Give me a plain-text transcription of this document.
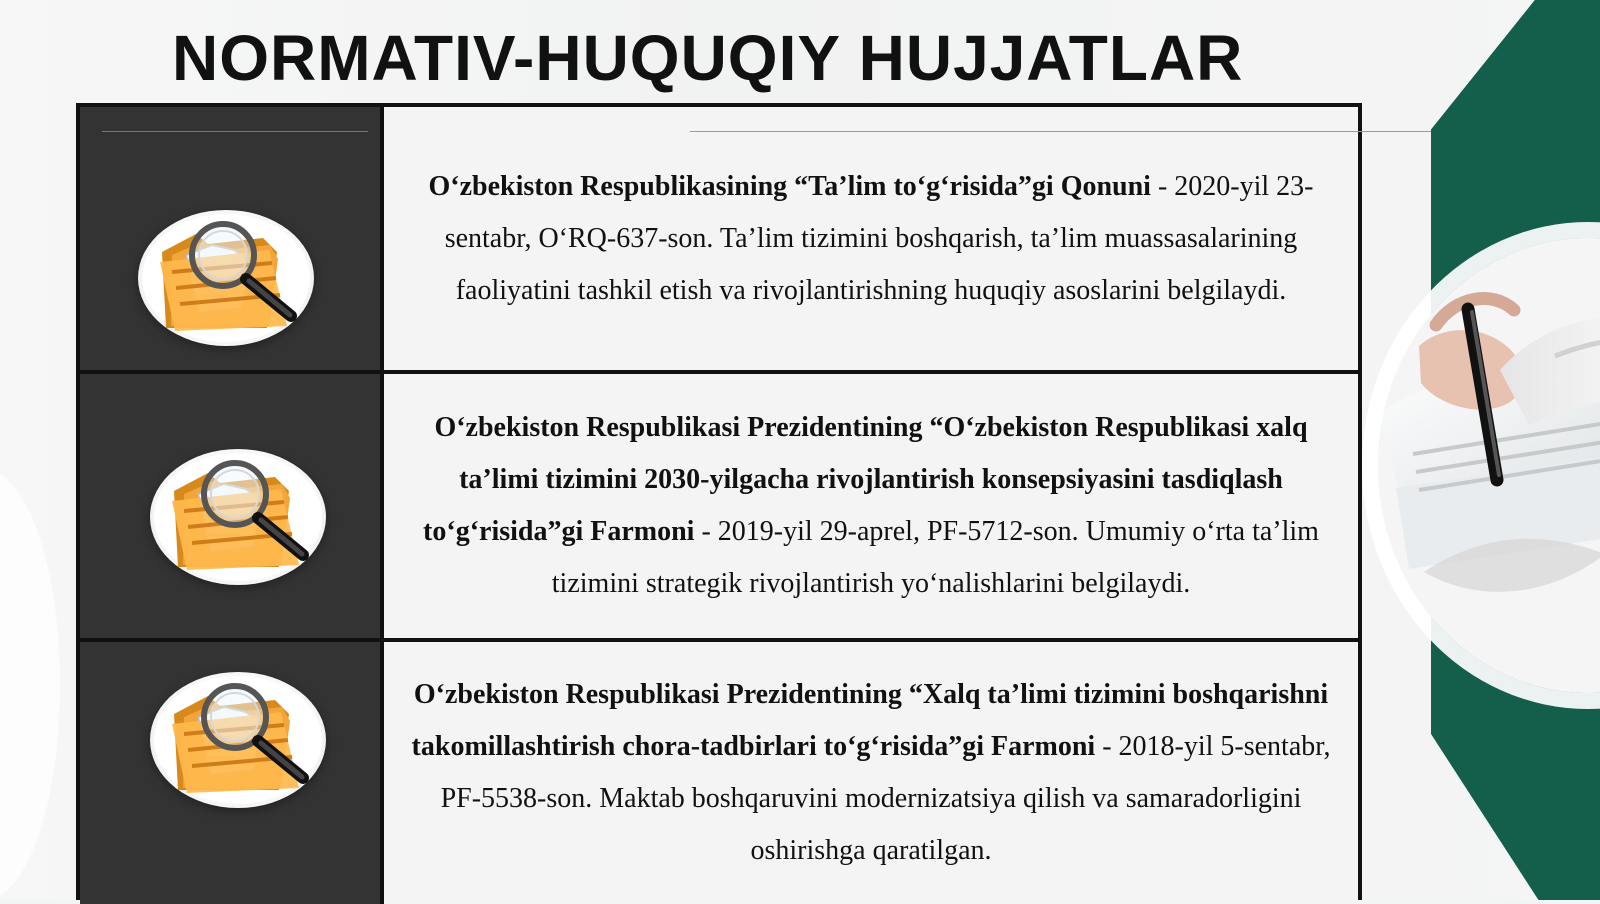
NORMATIV-HUQUQIY HUJJATLAR
O‘zbekiston Respublikasining “Ta’lim to‘g‘risida”gi Qonuni - 2020-yil 23-sentabr, O‘RQ-637-son. Ta’lim tizimini boshqarish, ta’lim muassasalarining faoliyatini tashkil etish va rivojlantirishning huquqiy asoslarini belgilaydi.
O‘zbekiston Respublikasi Prezidentining “O‘zbekiston Respublikasi xalq ta’limi tizimini 2030-yilgacha rivojlantirish konsepsiyasini tasdiqlash to‘g‘risida”gi Farmoni - 2019-yil 29-aprel, PF-5712-son. Umumiy o‘rta ta’lim tizimini strategik rivojlantirish yo‘nalishlarini belgilaydi.
O‘zbekiston Respublikasi Prezidentining “Xalq ta’limi tizimini boshqarishni takomillashtirish chora-tadbirlari to‘g‘risida”gi Farmoni - 2018-yil 5-sentabr, PF-5538-son. Maktab boshqaruvini modernizatsiya qilish va samaradorligini oshirishga qaratilgan.
